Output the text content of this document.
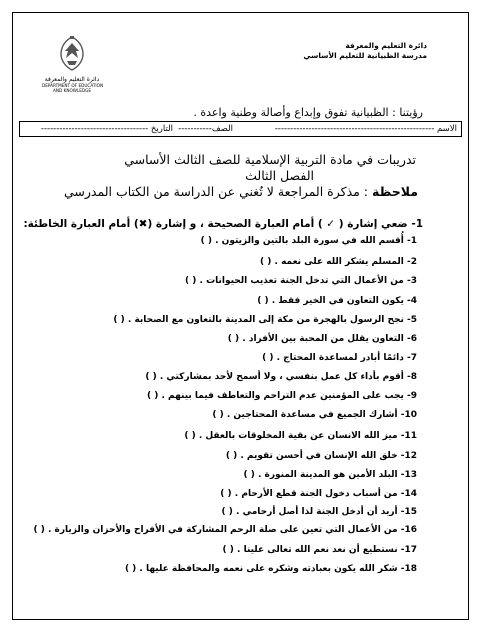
دائرة التعليم والمعرفة
DEPARTMENT OF EDUCATION
AND KNOWLEDGE
دائرة التعليم والمعرفة
مدرسة الظبيانية للتعليم الأساسي
رؤيتنا : الظبيانية تفوق وإبداع وأصالة وطنية واعدة .
الاسم ----------------------------------------------------
الصف-----------
التاريخ -----------------------------------
تدريبات في مادة التربية الإسلامية للصف الثالث الأساسي
الفصل الثالث
ملاحظة : مذكرة المراجعة لا تُغني عن الدراسة من الكتاب المدرسي
1- ضعي إشارة ( ✓ ) أمام العبارة الصحيحة ، و إشارة (✖) أمام العبارة الخاطئة:
1- أُقسم الله في سورة البلد بالتين والزيتون . ( )
2- المسلم يشكر الله على نعمه . ( )
3- من الأعمال التي تدخل الجنة تعذيب الحيوانات . ( )
4- يكون التعاون في الخير فقط . ( )
5- نجح الرسول بالهجرة من مكة إلى المدينة بالتعاون مع الصحابة . ( )
6- التعاون يقلل من المحبة بين الأفراد . ( )
7- دائمًا أبادر لمساعدة المحتاج . ( )
8- أقوم بأداء كل عمل بنفسي ، ولا أسمح لأحد بمشاركتي . ( )
9- يجب على المؤمنين عدم التراحم والتعاطف فيما بينهم . ( )
10- أشارك الجميع في مساعدة المحتاجين . ( )
11- ميز الله الانسان عن بقية المخلوقات بالعقل . ( )
12- خلق الله الإنسان في أحسن تقويم . ( )
13- البلد الأمين هو المدينة المنورة . ( )
14- من أسباب دخول الجنة قطع الأرحام . ( )
15- أريد أن أدخل الجنة لذا أصل أرحامي . ( )
16- من الأعمال التي تعين على صلة الرحم المشاركة في الأفراح والأحزان والزيارة . ( )
17- نستطيع أن نعد نعم الله تعالى علينا . ( )
18- شكر الله يكون بعبادته وشكره على نعمه والمحافظة عليها . ( )
